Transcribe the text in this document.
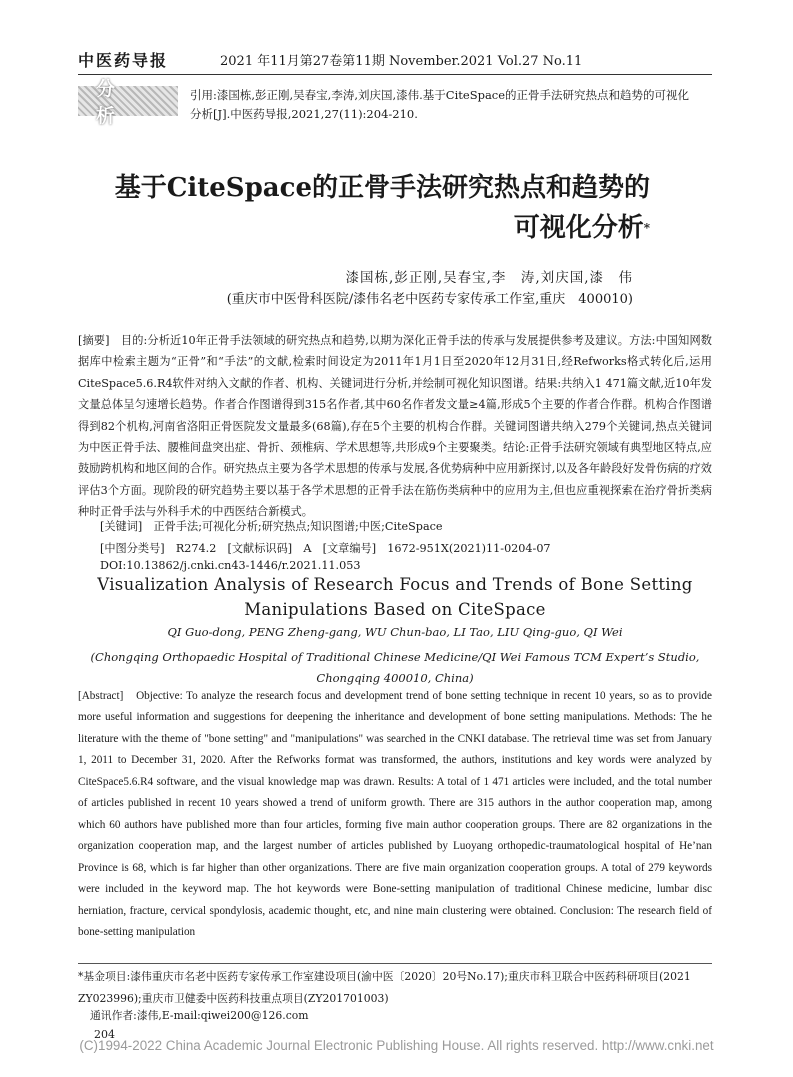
中医药导报	2021 年11月第27卷第11期 November.2021 Vol.27 No.11
分 析
引用:漆国栋,彭正刚,吴春宝,李涛,刘庆国,漆伟.基于CiteSpace的正骨手法研究热点和趋势的可视化分析[J].中医药导报,2021,27(11):204-210.
基于CiteSpace的正骨手法研究热点和趋势的
可视化分析*
漆国栋,彭正刚,吴春宝,李　涛,刘庆国,漆　伟
(重庆市中医骨科医院/漆伟名老中医药专家传承工作室,重庆　400010)
[摘要]　目的:分析近10年正骨手法领域的研究热点和趋势,以期为深化正骨手法的传承与发展提供参考及建议。方法:中国知网数据库中检索主题为“正骨”和“手法”的文献,检索时间设定为2011年1月1日至2020年12月31日,经Refworks格式转化后,运用CiteSpace5.6.R4软件对纳入文献的作者、机构、关键词进行分析,并绘制可视化知识图谱。结果:共纳入1 471篇文献,近10年发文量总体呈匀速增长趋势。作者合作图谱得到315名作者,其中60名作者发文量≥4篇,形成5个主要的作者合作群。机构合作图谱得到82个机构,河南省洛阳正骨医院发文量最多(68篇),存在5个主要的机构合作群。关键词图谱共纳入279个关键词,热点关键词为中医正骨手法、腰椎间盘突出症、骨折、颈椎病、学术思想等,共形成9个主要聚类。结论:正骨手法研究领域有典型地区特点,应鼓励跨机构和地区间的合作。研究热点主要为各学术思想的传承与发展,各优势病种中应用新探讨,以及各年龄段好发骨伤病的疗效评估3个方面。现阶段的研究趋势主要以基于各学术思想的正骨手法在筋伤类病种中的应用为主,但也应重视探索在治疗骨折类病种时正骨手法与外科手术的中西医结合新模式。
[关键词]　正骨手法;可视化分析;研究热点;知识图谱;中医;CiteSpace
[中图分类号]　R274.2　[文献标识码]　A　[文章编号]　1672-951X(2021)11-0204-07
DOI:10.13862/j.cnki.cn43-1446/r.2021.11.053
Visualization Analysis of Research Focus and Trends of Bone Setting
Manipulations Based on CiteSpace
QI Guo-dong, PENG Zheng-gang, WU Chun-bao, LI Tao, LIU Qing-guo, QI Wei
(Chongqing Orthopaedic Hospital of Traditional Chinese Medicine/QI Wei Famous TCM Expert’s Studio,
Chongqing 400010, China)
[Abstract]　Objective: To analyze the research focus and development trend of bone setting technique in recent 10 years, so as to provide more useful information and suggestions for deepening the inheritance and development of bone setting manipulations. Methods: The he literature with the theme of "bone setting" and "manipulations" was searched in the CNKI database. The retrieval time was set from January 1, 2011 to December 31, 2020. After the Refworks format was transformed, the authors, institutions and key words were analyzed by CiteSpace5.6.R4 software, and the visual knowledge map was drawn. Results: A total of 1 471 articles were included, and the total number of articles published in recent 10 years showed a trend of uniform growth. There are 315 authors in the author cooperation map, among which 60 authors have published more than four articles, forming five main author cooperation groups. There are 82 organizations in the organization cooperation map, and the largest number of articles published by Luoyang orthopedic-traumatological hospital of He’nan Province is 68, which is far higher than other organizations. There are five main organization cooperation groups. A total of 279 keywords were included in the keyword map. The hot keywords were Bone-setting manipulation of traditional Chinese medicine, lumbar disc herniation, fracture, cervical spondylosis, academic thought, etc, and nine main clustering were obtained. Conclusion: The research field of bone-setting manipulation
*基金项目:漆伟重庆市名老中医药专家传承工作室建设项目(渝中医〔2020〕20号No.17);重庆市科卫联合中医药科研项目(2021 ZY023996);重庆市卫健委中医药科技重点项目(ZY201701003)
通讯作者:漆伟,E-mail:qiwei200@126.com
204
(C)1994-2022 China Academic Journal Electronic Publishing House. All rights reserved. http://www.cnki.net
